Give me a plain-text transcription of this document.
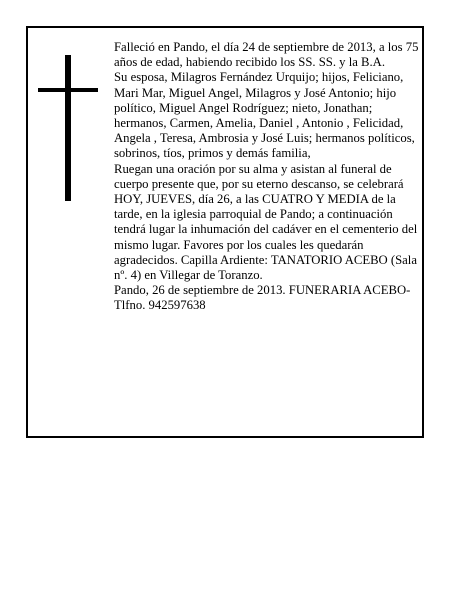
Falleció en Pando, el día 24 de septiembre de 2013, a los 75 años de edad, habiendo recibido los SS. SS. y la B.A.

Su esposa, Milagros Fernández Urquijo; hijos, Feliciano, Mari Mar, Miguel Angel, Milagros y José Antonio; hijo político, Miguel Angel Rodríguez; nieto, Jonathan; hermanos, Carmen, Amelia, Daniel , Antonio , Felicidad, Angela , Teresa, Ambrosia y José Luis; hermanos políticos, sobrinos, tíos, primos y demás familia,

Ruegan una oración por su alma y asistan al funeral de cuerpo presente que, por su eterno descanso, se celebrará HOY, JUEVES, día 26, a las CUATRO Y MEDIA de la tarde, en la iglesia parroquial de Pando; a continuación tendrá lugar la inhumación del cadáver en el cementerio del mismo lugar. Favores por los cuales les quedarán agradecidos. Capilla Ardiente: TANATORIO ACEBO (Sala nº. 4) en Villegar de Toranzo.

Pando, 26 de septiembre de 2013. FUNERARIA ACEBO-Tlfno. 942597638
